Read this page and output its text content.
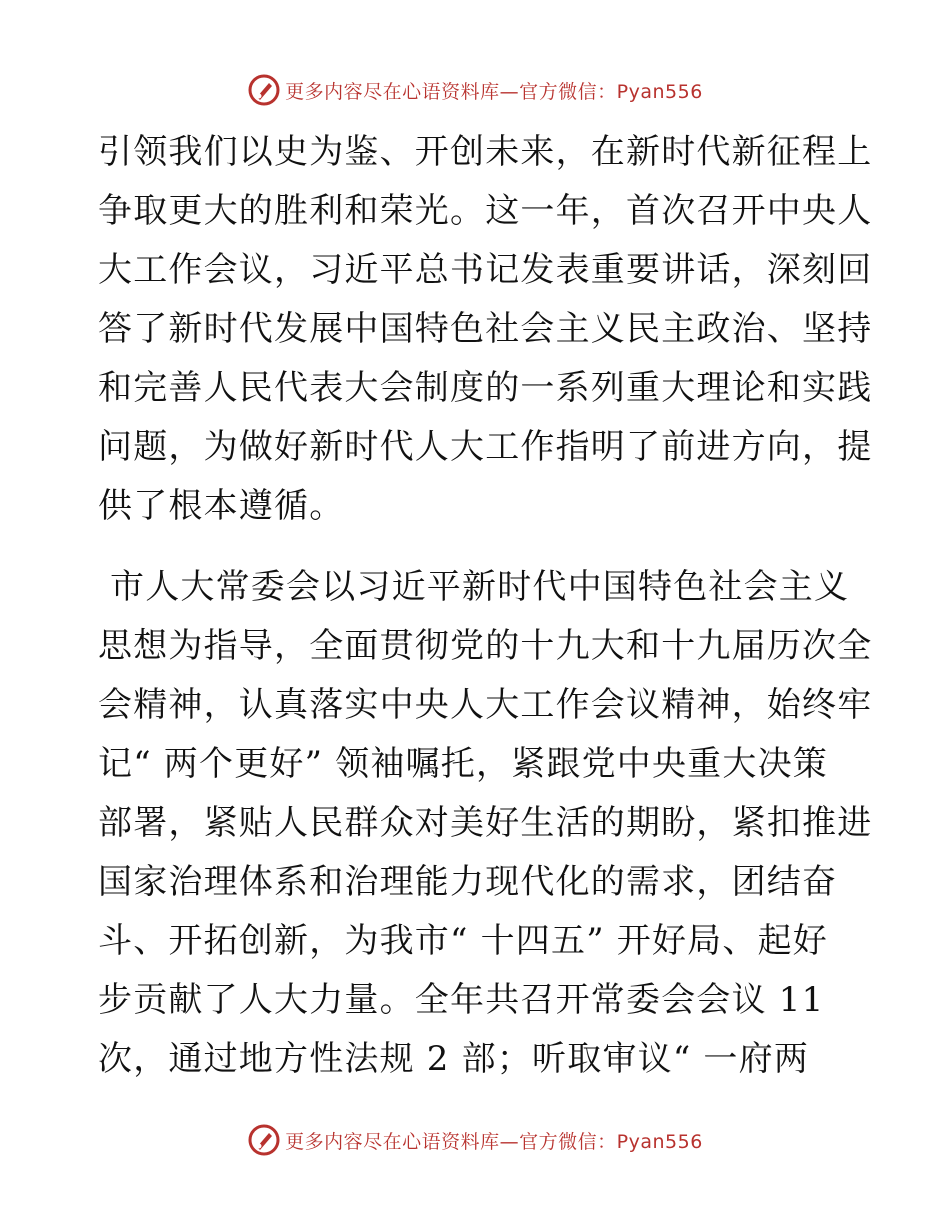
更多内容尽在心语资料库—官方微信：Pyan556
引领我们以史为鉴、开创未来，在新时代新征程上
争取更大的胜利和荣光。这一年，首次召开中央人
大工作会议，习近平总书记发表重要讲话，深刻回
答了新时代发展中国特色社会主义民主政治、坚持
和完善人民代表大会制度的一系列重大理论和实践
问题，为做好新时代人大工作指明了前进方向，提
供了根本遵循。
市人大常委会以习近平新时代中国特色社会主义
思想为指导，全面贯彻党的十九大和十九届历次全
会精神，认真落实中央人大工作会议精神，始终牢
记“ 两个更好” 领袖嘱托，紧跟党中央重大决策
部署，紧贴人民群众对美好生活的期盼，紧扣推进
国家治理体系和治理能力现代化的需求，团结奋
斗、开拓创新，为我市“ 十四五” 开好局、起好
步贡献了人大力量。全年共召开常委会会议 11
次，通过地方性法规 2 部；听取审议“ 一府两
更多内容尽在心语资料库—官方微信：Pyan556
